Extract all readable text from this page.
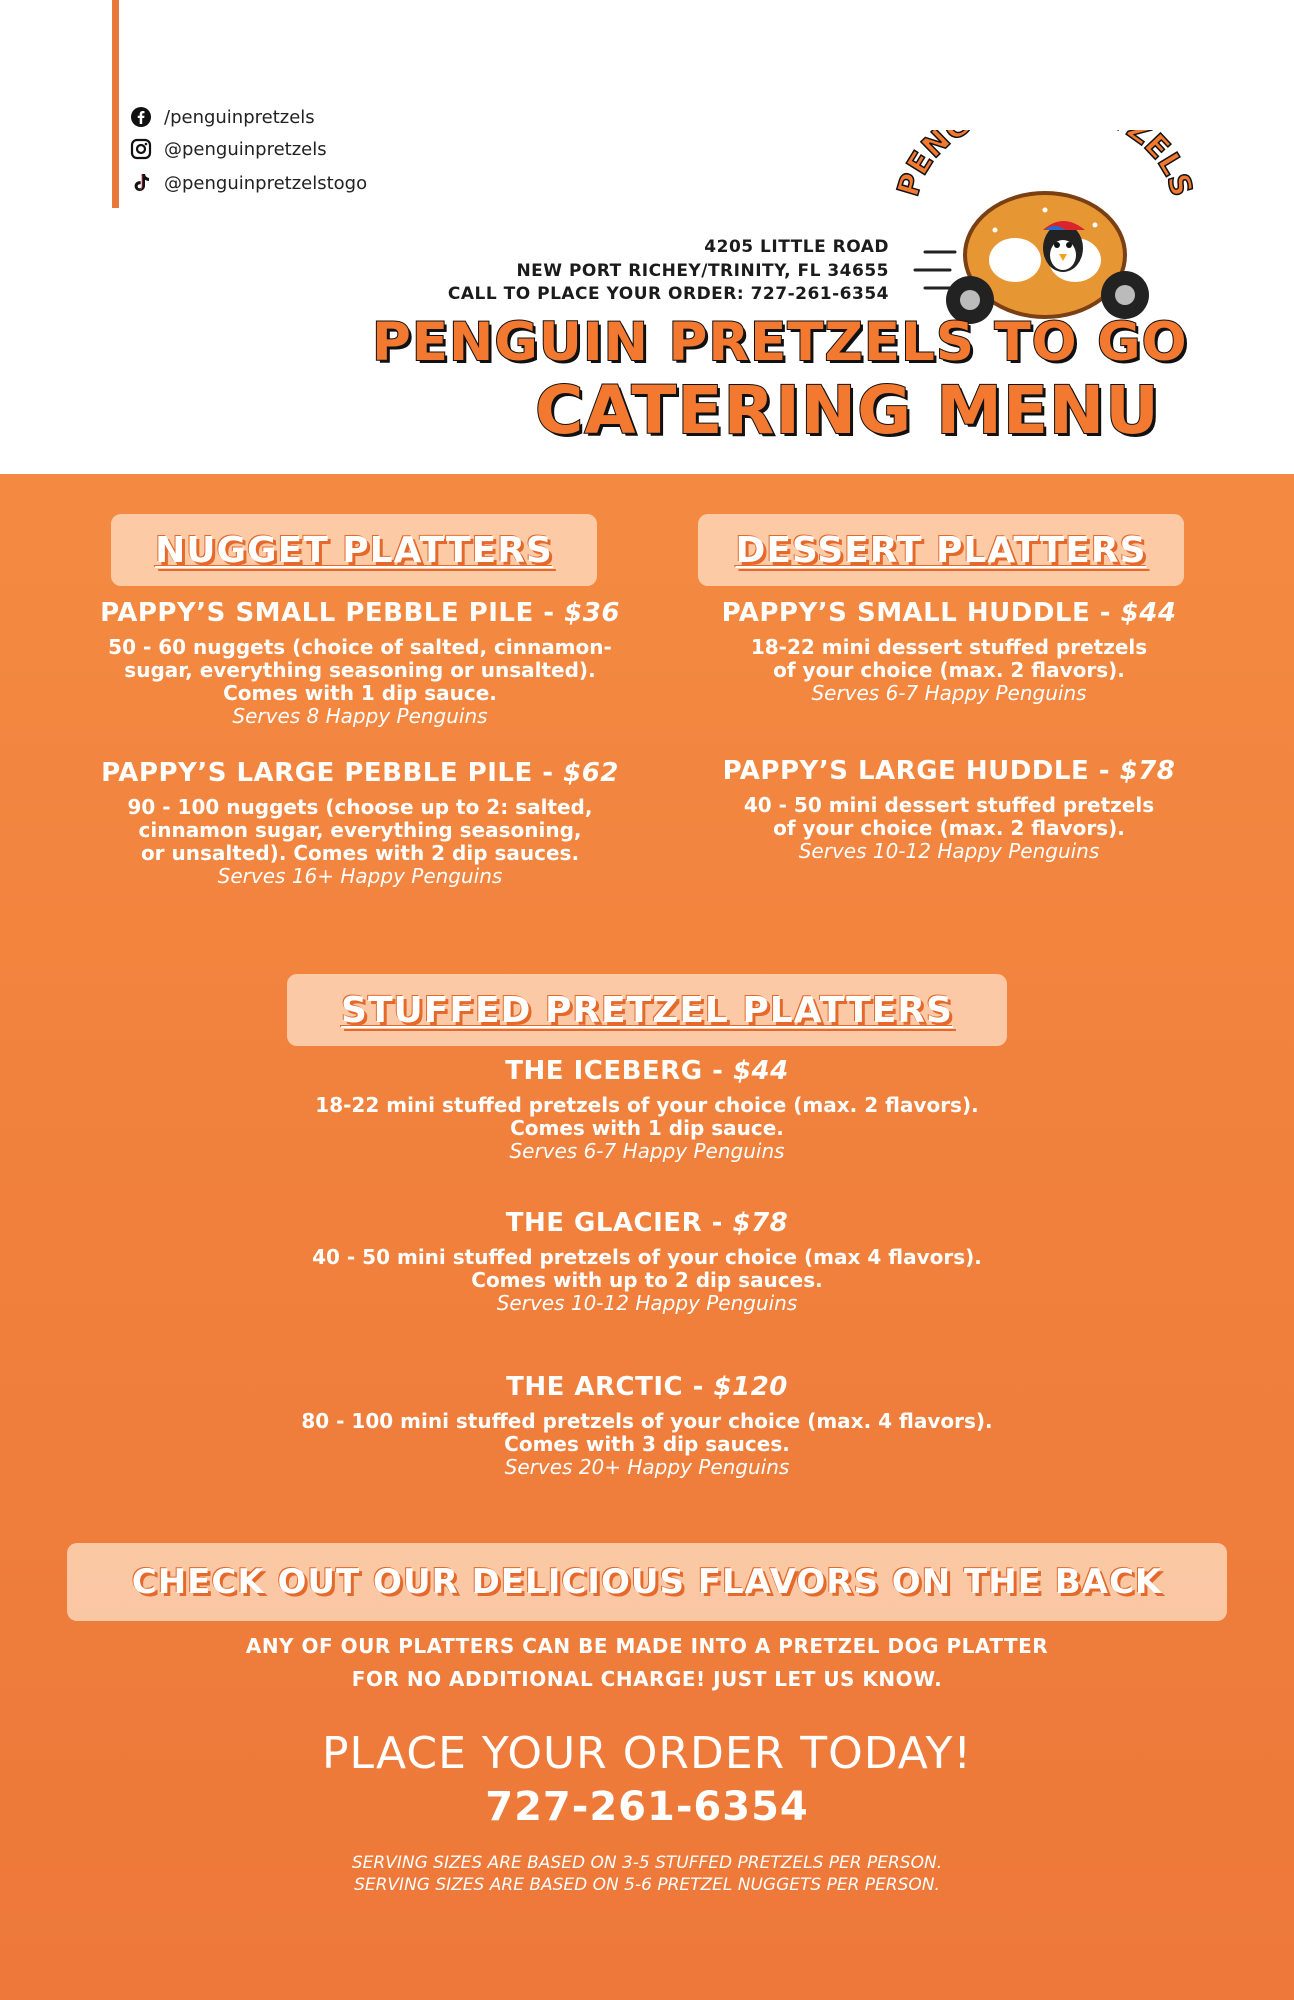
/penguinpretzels
@penguinpretzels
@penguinpretzelstogo
4205 LITTLE ROAD
NEW PORT RICHEY/TRINITY, FL 34655
CALL TO PLACE YOUR ORDER: 727-261-6354
EN ZEL
PENGUIN PRETZELS TO GO
CATERING MENU
NUGGET PLATTERS	DESSERT PLATTERS
PAPPY’S SMALL PEBBLE PILE - $36
50 - 60 nuggets (choice of salted, cinnamon-
sugar, everything seasoning or unsalted).
Comes with 1 dip sauce.
Serves 8 Happy Penguins
PAPPY’S LARGE PEBBLE PILE - $62
90 - 100 nuggets (choose up to 2: salted,
cinnamon sugar, everything seasoning,
or unsalted). Comes with 2 dip sauces.
Serves 16+ Happy Penguins
PAPPY’S SMALL HUDDLE - $44
18-22 mini dessert stuffed pretzels
of your choice (max. 2 flavors).
Serves 6-7 Happy Penguins
PAPPY’S LARGE HUDDLE - $78
40 - 50 mini dessert stuffed pretzels
of your choice (max. 2 flavors).
Serves 10-12 Happy Penguins
STUFFED PRETZEL PLATTERS
THE ICEBERG - $44
18-22 mini stuffed pretzels of your choice (max. 2 flavors).
Comes with 1 dip sauce.
Serves 6-7 Happy Penguins
THE GLACIER - $78
40 - 50 mini stuffed pretzels of your choice (max 4 flavors).
Comes with up to 2 dip sauces.
Serves 10-12 Happy Penguins
THE ARCTIC - $120
80 - 100 mini stuffed pretzels of your choice (max. 4 flavors).
Comes with 3 dip sauces.
Serves 20+ Happy Penguins
CHECK OUT OUR DELICIOUS FLAVORS ON THE BACK
ANY OF OUR PLATTERS CAN BE MADE INTO A PRETZEL DOG PLATTER
FOR NO ADDITIONAL CHARGE! JUST LET US KNOW.
PLACE YOUR ORDER TODAY!
727-261-6354
SERVING SIZES ARE BASED ON 3-5 STUFFED PRETZELS PER PERSON.
SERVING SIZES ARE BASED ON 5-6 PRETZEL NUGGETS PER PERSON.
